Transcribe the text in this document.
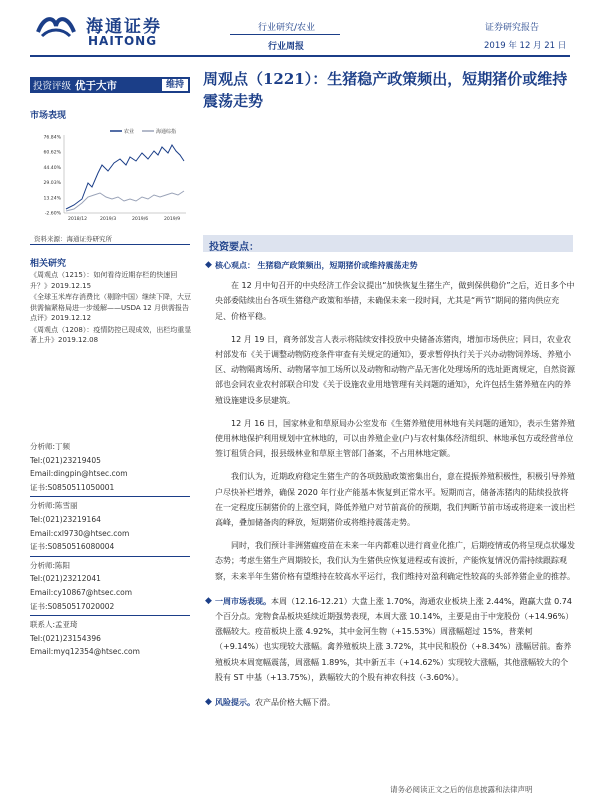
海通证券
HAITONG
行业研究/农业
行业周报
证券研究报告
2019 年 12 月 21 日
投资评级 优于大市	维持 周观点（1221）：生猪稳产政策频出，短期猪价或维持震荡走势
市场表现
76.84%
60.62%
44.40%
29.03%
13.24%
-2.60%
2018/12	2019/3	2019/6	2019/9
农业	海通综指
资料来源：海通证券研究所
相关研究
《周观点（1215）：如何看待近期存栏的快速回升？》2019.12.15
《全球玉米库存消费比（剔除中国）继续下降，大豆供需偏紧格局进一步缓解——USDA 12 月供需报告点评》2019.12.12
《周观点（1208）：疫情防控已现成效，出栏均重显著上升》2019.12.08
分析师:丁频
Tel:(021)23219405
Email:dingpin@htsec.com
证书:S0850511050001
分析师:陈雪丽
Tel:(021)23219164
Email:cxl9730@htsec.com
证书:S0850516080004
分析师:陈阳
Tel:(021)23212041
Email:cy10867@htsec.com
证书:S0850517020002
联系人:孟亚琦
Tel:(021)23154396
Email:myq12354@htsec.com
投资要点：
◆ 核心观点： 生猪稳产政策频出，短期猪价或维持震荡走势
在 12 月中旬召开的中央经济工作会议提出“加快恢复生猪生产，做到保供稳价”之后，近日多个中央部委陆续出台各项生猪稳产政策和举措，未确保未来一段时间，尤其是“两节”期间的猪肉供应充足、价格平稳。
12 月 19 日，商务部发言人表示将陆续安排投放中央储备冻猪肉，增加市场供应；同日，农业农村部发布《关于调整动物防疫条件审查有关规定的通知》，要求暂停执行关于兴办动物饲养场、养殖小区、动物隔离场所、动物屠宰加工场所以及动物和动物产品无害化处理场所的选址距离规定，自然资源部也会同农业农村部联合印发《关于设施农业用地管理有关问题的通知》，允许包括生猪养殖在内的养殖设施建设多层建筑。
12 月 16 日，国家林业和草原局办公室发布《生猪养殖使用林地有关问题的通知》，表示生猪养殖使用林地保护利用规划中宜林地的，可以由养殖企业(户)与农村集体经济组织、林地承包方或经营单位签订租赁合同，报县级林业和草原主管部门备案，不占用林地定额。
我们认为，近期政府稳定生猪生产的各项鼓励政策密集出台，意在提振养殖积极性，积极引导养殖户尽快补栏增养，确保 2020 年行业产能基本恢复到正常水平。短期而言，储备冻猪肉的陆续投放将在一定程度压制猪价的上涨空间，降低养殖户对节前高价的预期，我们判断节前市场或将迎来一波出栏高峰，叠加储备肉的释放，短期猪价或将维持震荡走势。
同时，我们预计非洲猪瘟疫苗在未来一年内都难以进行商业化推广，后期疫情或仍将呈现点状爆发态势；考虑生猪生产周期较长，我们认为生猪供应恢复进程或有波折，产能恢复情况仍需持续跟踪观察，未来半年生猪价格有望维持在较高水平运行，我们维持对盈利确定性较高的头部养猪企业的推荐。
◆ 一周市场表现。本周（12.16-12.21）大盘上涨 1.70%，海通农业板块上涨 2.44%，跑赢大盘 0.74 个百分点。宠物食品板块延续近期强势表现，本周大涨 10.14%，主要是由于中宠股份（+14.96%）涨幅较大。疫苗板块上涨 4.92%，其中金河生物（+15.53%）周涨幅超过 15%，普莱柯（+9.14%）也实现较大涨幅。禽养殖板块上涨 3.72%，其中民和股份（+8.34%）涨幅居前。畜养殖板块本周宽幅震荡，周涨幅 1.89%，其中新五丰（+14.62%）实现较大涨幅，其他涨幅较大的个股有 ST 中基（+13.75%），跌幅较大的个股有神农科技（-3.60%）。
◆ 风险提示。农产品价格大幅下滑。
请务必阅读正文之后的信息披露和法律声明
